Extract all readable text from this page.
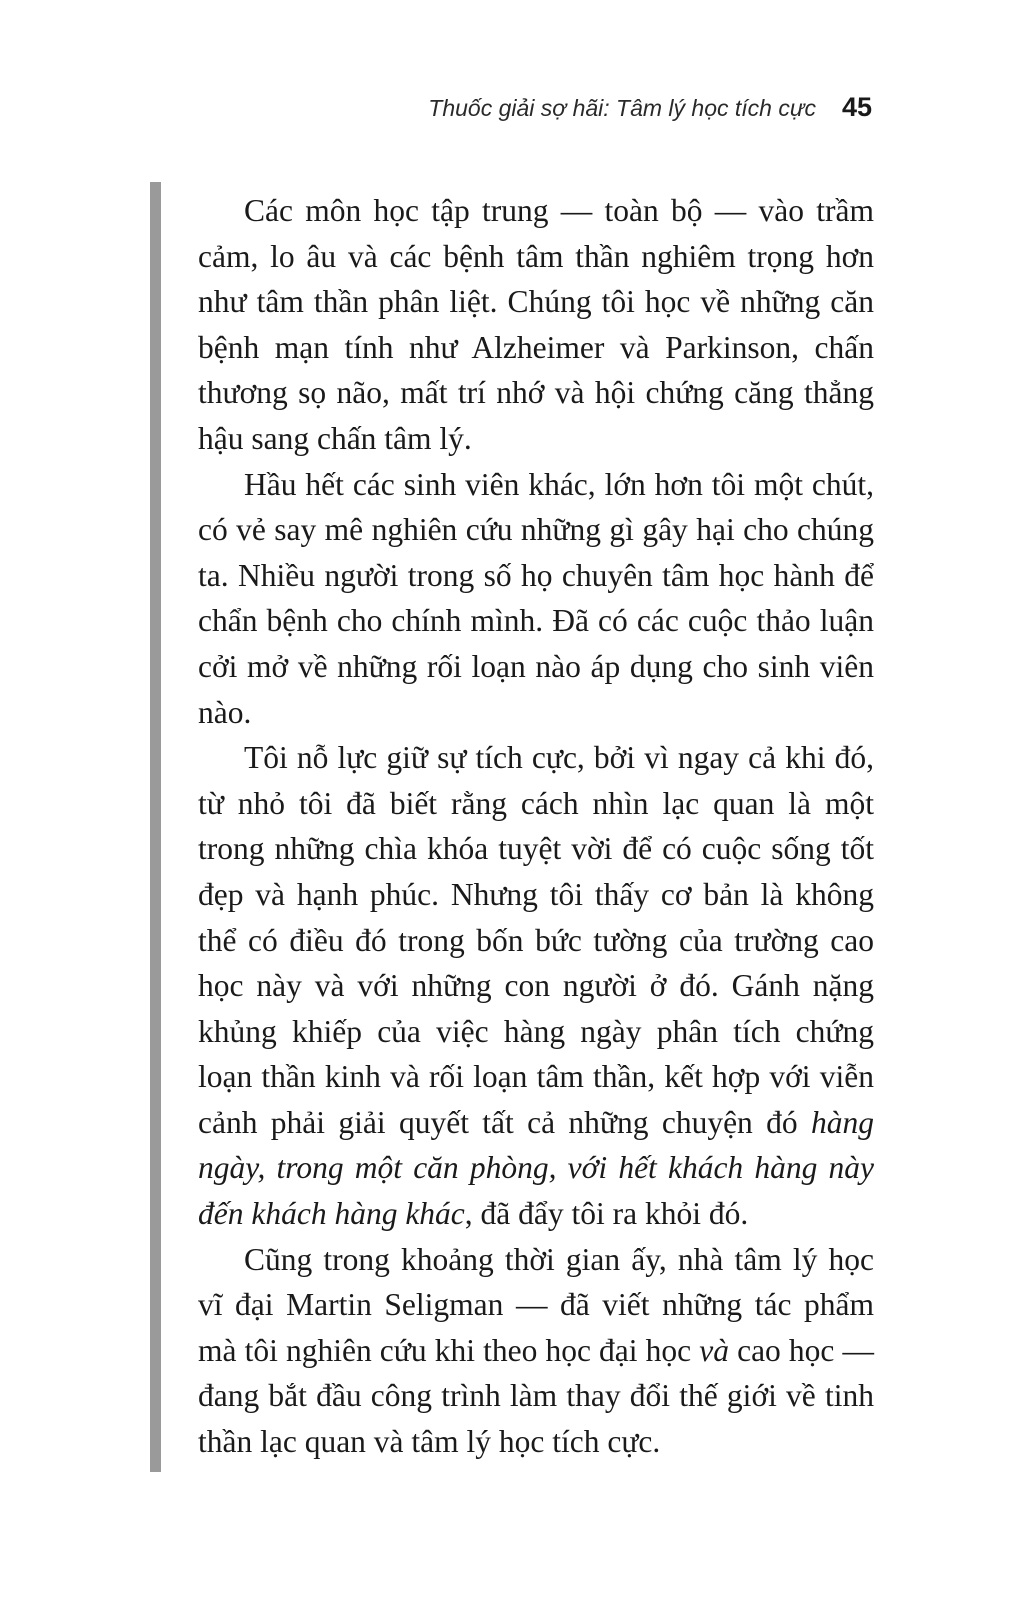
Thuốc giải sợ hãi: Tâm lý học tích cực 45

Các môn học tập trung — toàn bộ — vào trầm cảm, lo âu và các bệnh tâm thần nghiêm trọng hơn như tâm thần phân liệt. Chúng tôi học về những căn bệnh mạn tính như Alzheimer và Parkinson, chấn thương sọ não, mất trí nhớ và hội chứng căng thẳng hậu sang chấn tâm lý.

Hầu hết các sinh viên khác, lớn hơn tôi một chút, có vẻ say mê nghiên cứu những gì gây hại cho chúng ta. Nhiều người trong số họ chuyên tâm học hành để chẩn bệnh cho chính mình. Đã có các cuộc thảo luận cởi mở về những rối loạn nào áp dụng cho sinh viên nào.

Tôi nỗ lực giữ sự tích cực, bởi vì ngay cả khi đó, từ nhỏ tôi đã biết rằng cách nhìn lạc quan là một trong những chìa khóa tuyệt vời để có cuộc sống tốt đẹp và hạnh phúc. Nhưng tôi thấy cơ bản là không thể có điều đó trong bốn bức tường của trường cao học này và với những con người ở đó. Gánh nặng khủng khiếp của việc hàng ngày phân tích chứng loạn thần kinh và rối loạn tâm thần, kết hợp với viễn cảnh phải giải quyết tất cả những chuyện đó hàng ngày, trong một căn phòng, với hết khách hàng này đến khách hàng khác, đã đẩy tôi ra khỏi đó.

Cũng trong khoảng thời gian ấy, nhà tâm lý học vĩ đại Martin Seligman — đã viết những tác phẩm mà tôi nghiên cứu khi theo học đại học và cao học — đang bắt đầu công trình làm thay đổi thế giới về tinh thần lạc quan và tâm lý học tích cực.
